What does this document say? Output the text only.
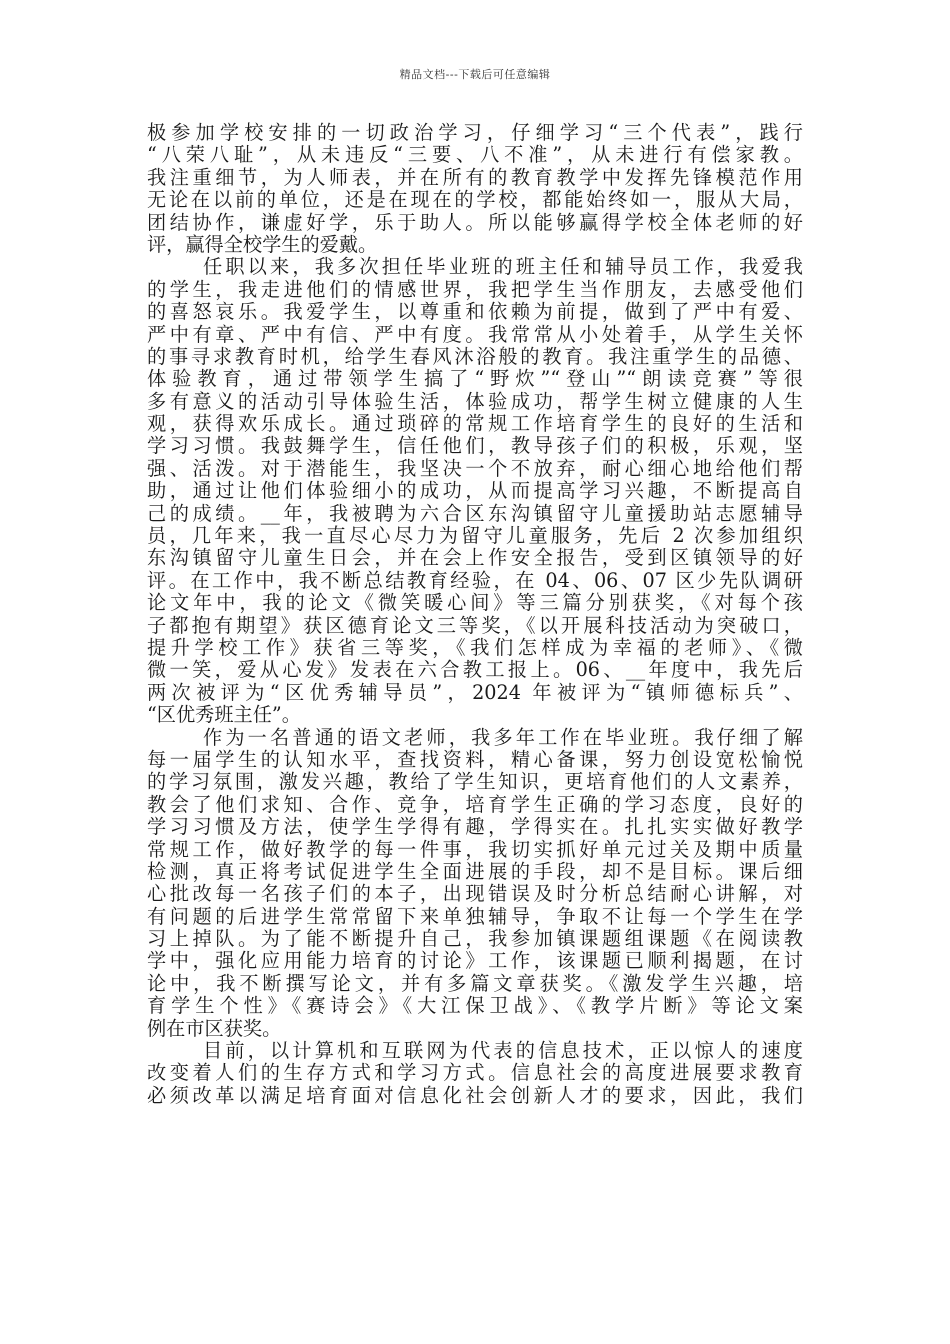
精品文档---下载后可任意编辑
极参加学校安排的一切政治学习，仔细学习“三个代表”，践行
“八荣八耻”，从未违反“三要、八不准”，从未进行有偿家教。
我注重细节，为人师表，并在所有的教育教学中发挥先锋模范作用
无论在以前的单位，还是在现在的学校，都能始终如一，服从大局，
团结协作，谦虚好学，乐于助人。所以能够赢得学校全体老师的好
评，赢得全校学生的爱戴。
任职以来，我多次担任毕业班的班主任和辅导员工作，我爱我
的学生，我走进他们的情感世界，我把学生当作朋友，去感受他们
的喜怒哀乐。我爱学生，以尊重和依赖为前提，做到了严中有爱、
严中有章、严中有信、严中有度。我常常从小处着手，从学生关怀
的事寻求教育时机，给学生春风沐浴般的教育。我注重学生的品德、
体验教育，通过带领学生搞了“野炊”“登山”“朗读竞赛”等很
多有意义的活动引导体验生活，体验成功，帮学生树立健康的人生
观，获得欢乐成长。通过琐碎的常规工作培育学生的良好的生活和
学习习惯。我鼓舞学生，信任他们，教导孩子们的积极，乐观，坚
强、活泼。对于潜能生，我坚决一个不放弃，耐心细心地给他们帮
助，通过让他们体验细小的成功，从而提高学习兴趣，不断提高自
己的成绩。__年，我被聘为六合区东沟镇留守儿童援助站志愿辅导
员，几年来，我一直尽心尽力为留守儿童服务，先后 2 次参加组织
东沟镇留守儿童生日会，并在会上作安全报告，受到区镇领导的好
评。在工作中，我不断总结教育经验，在 04、06、07 区少先队调研
论文年中，我的论文《微笑暖心间》等三篇分别获奖，《对每个孩
子都抱有期望》获区德育论文三等奖，《以开展科技活动为突破口，
提升学校工作》获省三等奖，《我们怎样成为幸福的老师》、《微
微一笑，爱从心发》发表在六合教工报上。06、__年度中，我先后
两次被评为“区优秀辅导员”，2024 年被评为“镇师德标兵”、
“区优秀班主任”。
作为一名普通的语文老师，我多年工作在毕业班。我仔细了解
每一届学生的认知水平，查找资料，精心备课，努力创设宽松愉悦
的学习氛围，激发兴趣，教给了学生知识，更培育他们的人文素养，
教会了他们求知、合作、竞争，培育学生正确的学习态度，良好的
学习习惯及方法，使学生学得有趣，学得实在。扎扎实实做好教学
常规工作，做好教学的每一件事，我切实抓好单元过关及期中质量
检测，真正将考试促进学生全面进展的手段，却不是目标。课后细
心批改每一名孩子们的本子，出现错误及时分析总结耐心讲解，对
有问题的后进学生常常留下来单独辅导，争取不让每一个学生在学
习上掉队。为了能不断提升自己，我参加镇课题组课题《在阅读教
学中，强化应用能力培育的讨论》工作，该课题已顺利揭题，在讨
论中，我不断撰写论文，并有多篇文章获奖。《激发学生兴趣，培
育学生个性》《赛诗会》《大江保卫战》、《教学片断》等论文案
例在市区获奖。
目前，以计算机和互联网为代表的信息技术，正以惊人的速度
改变着人们的生存方式和学习方式。信息社会的高度进展要求教育
必须改革以满足培育面对信息化社会创新人才的要求，因此，我们
